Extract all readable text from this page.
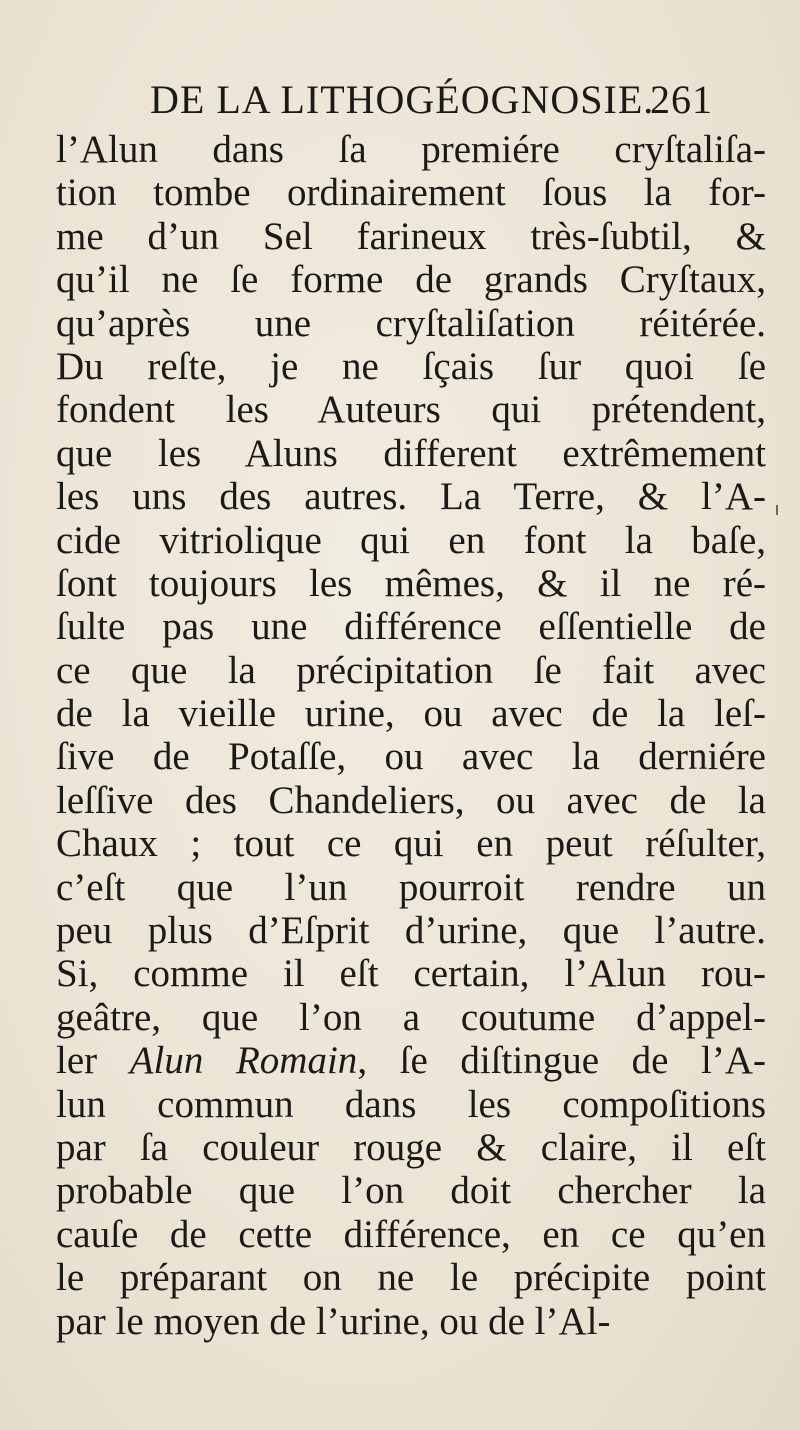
DE LA LITHOGÉOGNOSIE.
261
l’Alun dans ſa premiére cryſtaliſa-
tion tombe ordinairement ſous la for-
me d’un Sel farineux très-ſubtil, &
qu’il ne ſe forme de grands Cryſtaux,
qu’après une cryſtaliſation réitérée.
Du reſte, je ne ſçais ſur quoi ſe
fondent les Auteurs qui prétendent,
que les Aluns different extrêmement
les uns des autres. La Terre, & l’A-
cide vitriolique qui en font la baſe,
ſont toujours les mêmes, & il ne ré-
ſulte pas une différence eſſentielle de
ce que la précipitation ſe fait avec
de la vieille urine, ou avec de la leſ-
ſive de Potaſſe, ou avec la derniére
leſſive des Chandeliers, ou avec de la
Chaux ; tout ce qui en peut réſulter,
c’eſt que l’un pourroit rendre un
peu plus d’Eſprit d’urine, que l’autre.
Si, comme il eſt certain, l’Alun rou-
geâtre, que l’on a coutume d’appel-
ler Alun Romain, ſe diſtingue de l’A-
lun commun dans les compoſitions
par ſa couleur rouge & claire, il eſt
probable que l’on doit chercher la
cauſe de cette différence, en ce qu’en
le préparant on ne le précipite point
par le moyen de l’urine, ou de l’Al-
